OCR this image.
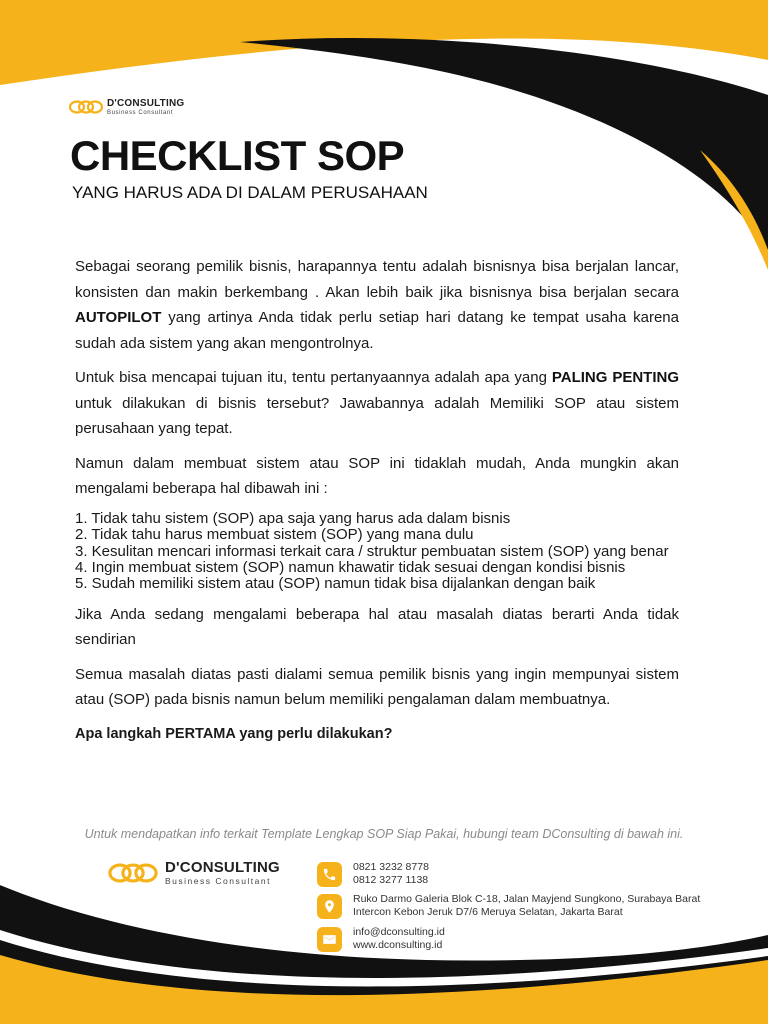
D'CONSULTING
Business Consultant
CHECKLIST SOP
YANG HARUS ADA DI DALAM PERUSAHAAN

Sebagai seorang pemilik bisnis, harapannya tentu adalah bisnisnya bisa berjalan lancar, konsisten dan makin berkembang . Akan lebih baik jika bisnisnya bisa berjalan secara AUTOPILOT yang artinya Anda tidak perlu setiap hari datang ke tempat usaha karena sudah ada sistem yang akan mengontrolnya.

Untuk bisa mencapai tujuan itu, tentu pertanyaannya adalah apa yang PALING PENTING untuk dilakukan di bisnis tersebut? Jawabannya adalah Memiliki SOP atau sistem perusahaan yang tepat.

Namun dalam membuat sistem atau SOP ini tidaklah mudah, Anda mungkin akan mengalami beberapa hal dibawah ini :

1. Tidak tahu sistem (SOP) apa saja yang harus ada dalam bisnis
2. Tidak tahu harus membuat sistem (SOP) yang mana dulu
3. Kesulitan mencari informasi terkait cara / struktur pembuatan sistem (SOP) yang benar
4. Ingin membuat sistem (SOP) namun khawatir tidak sesuai dengan kondisi bisnis
5. Sudah memiliki sistem atau (SOP) namun tidak bisa dijalankan dengan baik

Jika Anda sedang mengalami beberapa hal atau masalah diatas berarti Anda tidak sendirian

Semua masalah diatas pasti dialami semua pemilik bisnis yang ingin mempunyai sistem atau (SOP) pada bisnis namun belum memiliki pengalaman dalam membuatnya.

Apa langkah PERTAMA yang perlu dilakukan?
Untuk mendapatkan info terkait Template Lengkap SOP Siap Pakai, hubungi team DConsulting di bawah ini.
D'CONSULTING
Business Consultant
0821 3232 8778
0812 3277 1138
Ruko Darmo Galeria Blok C-18, Jalan Mayjend Sungkono, Surabaya Barat
Intercon Kebon Jeruk D7/6 Meruya Selatan, Jakarta Barat
info@dconsulting.id
www.dconsulting.id
